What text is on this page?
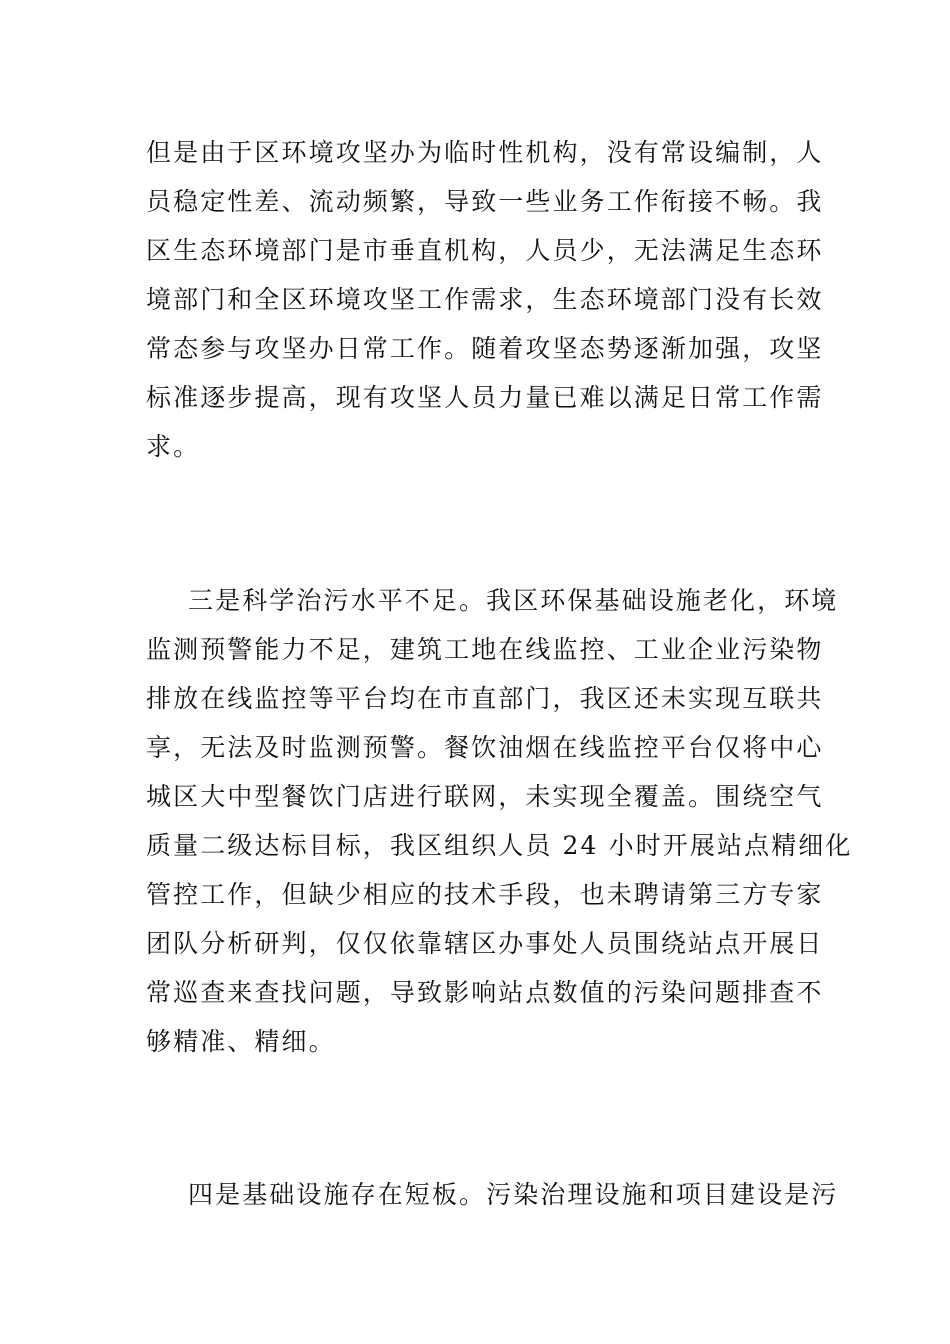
但是由于区环境攻坚办为临时性机构，没有常设编制，人
员稳定性差、流动频繁，导致一些业务工作衔接不畅。我
区生态环境部门是市垂直机构，人员少，无法满足生态环
境部门和全区环境攻坚工作需求，生态环境部门没有长效
常态参与攻坚办日常工作。随着攻坚态势逐渐加强，攻坚
标准逐步提高，现有攻坚人员力量已难以满足日常工作需
求。
三是科学治污水平不足。我区环保基础设施老化，环境
监测预警能力不足，建筑工地在线监控、工业企业污染物
排放在线监控等平台均在市直部门，我区还未实现互联共
享，无法及时监测预警。餐饮油烟在线监控平台仅将中心
城区大中型餐饮门店进行联网，未实现全覆盖。围绕空气
质量二级达标目标，我区组织人员 24 小时开展站点精细化
管控工作，但缺少相应的技术手段，也未聘请第三方专家
团队分析研判，仅仅依靠辖区办事处人员围绕站点开展日
常巡查来查找问题，导致影响站点数值的污染问题排查不
够精准、精细。
四是基础设施存在短板。污染治理设施和项目建设是污
